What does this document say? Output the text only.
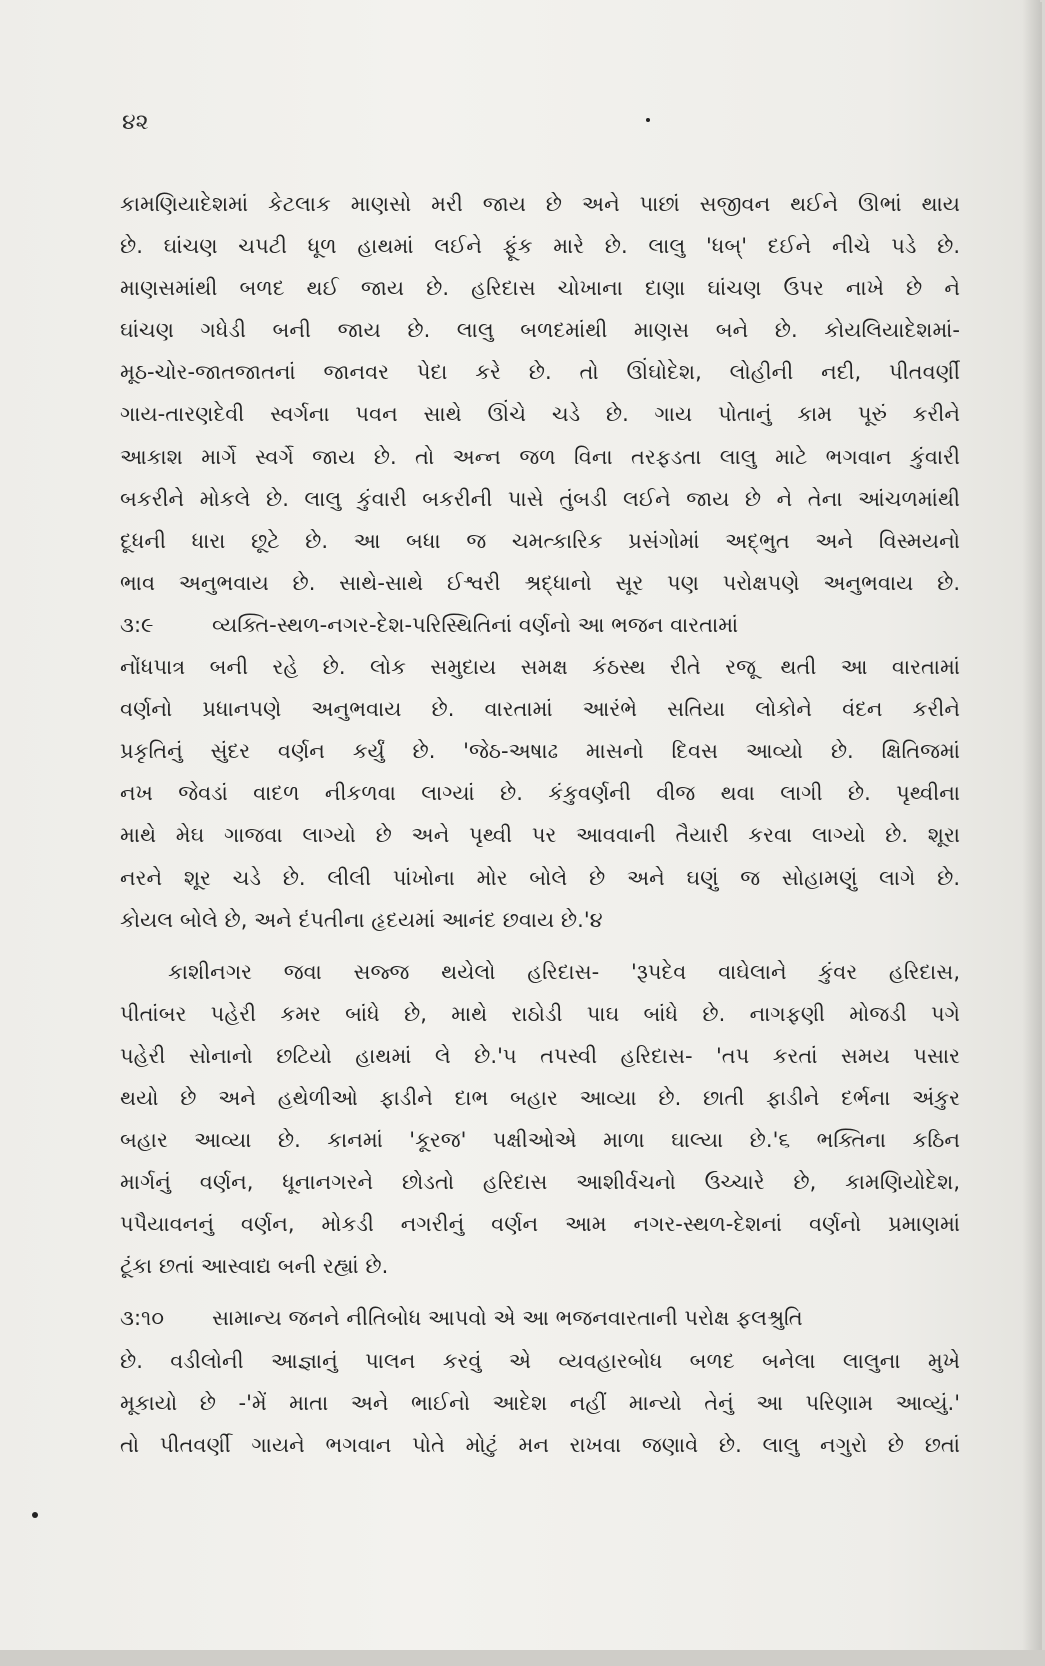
૪૨
કામણિયાદેશમાં કેટલાક માણસો મરી જાય છે અને પાછાં સજીવન થઈને ઊભાં થાય
છે. ઘાંચણ ચપટી ધૂળ હાથમાં લઈને ફૂંક મારે છે. લાલુ 'ધબ્' દઈને નીચે પડે છે.
માણસમાંથી બળદ થઈ જાય છે. હરિદાસ ચોખાના દાણા ઘાંચણ ઉપર નાખે છે ને
ઘાંચણ ગધેડી બની જાય છે. લાલુ બળદમાંથી માણસ બને છે. કોયલિયાદેશમાં-
મૂઠ-ચોર-જાતજાતનાં જાનવર પેદા કરે છે. તો ઊંઘોદેશ, લોહીની નદી, પીતવર્ણી
ગાય-તારણદેવી સ્વર્ગના પવન સાથે ઊંચે ચડે છે. ગાય પોતાનું કામ પૂરું કરીને
આકાશ માર્ગે સ્વર્ગે જાય છે. તો અન્ન જળ વિના તરફડતા લાલુ માટે ભગવાન કુંવારી
બકરીને મોકલે છે. લાલુ કુંવારી બકરીની પાસે તુંબડી લઈને જાય છે ને તેના આંચળમાંથી
દૂધની ધારા છૂટે છે. આ બધા જ ચમત્કારિક પ્રસંગોમાં અદ્ભુત અને વિસ્મયનો
ભાવ અનુભવાય છે. સાથે-સાથે ઈશ્વરી શ્રદ્ધાનો સૂર પણ પરોક્ષપણે અનુભવાય છે.
૩:૯	વ્યક્તિ-સ્થળ-નગર-દેશ-પરિસ્થિતિનાં વર્ણનો આ ભજન વારતામાં
નોંધપાત્ર બની રહે છે. લોક સમુદાય સમક્ષ કંઠસ્થ રીતે રજૂ થતી આ વારતામાં
વર્ણનો પ્રધાનપણે અનુભવાય છે. વારતામાં આરંભે સતિયા લોકોને વંદન કરીને
પ્રકૃતિનું સુંદર વર્ણન કર્યું છે. 'જેઠ-અષાઢ માસનો દિવસ આવ્યો છે. ક્ષિતિજમાં
નખ જેવડાં વાદળ નીકળવા લાગ્યાં છે. કંકુવર્ણની વીજ થવા લાગી છે. પૃથ્વીના
માથે મેઘ ગાજવા લાગ્યો છે અને પૃથ્વી પર આવવાની તૈયારી કરવા લાગ્યો છે. શૂરા
નરને શૂર ચડે છે. લીલી પાંખોના મોર બોલે છે અને ઘણું જ સોહામણું લાગે છે.
કોયલ બોલે છે, અને દંપતીના હૃદયમાં આનંદ છવાય છે.'૪
કાશીનગર જવા સજ્જ થયેલો હરિદાસ- 'રૂપદેવ વાઘેલાને કુંવર હરિદાસ,
પીતાંબર પહેરી કમર બાંધે છે, માથે રાઠોડી પાઘ બાંધે છે. નાગફણી મોજડી પગે
પહેરી સોનાનો છટિયો હાથમાં લે છે.'૫ તપસ્વી હરિદાસ- 'તપ કરતાં સમય પસાર
થયો છે અને હથેળીઓ ફાડીને દાભ બહાર આવ્યા છે. છાતી ફાડીને દર્ભના અંકુર
બહાર આવ્યા છે. કાનમાં 'કૂરજ' પક્ષીઓએ માળા ઘાલ્યા છે.'૬ ભક્તિના કઠિન
માર્ગનું વર્ણન, ધૂનાનગરને છોડતો હરિદાસ આશીર્વચનો ઉચ્ચારે છે, કામણિયોદેશ,
પપૈયાવનનું વર્ણન, મોકડી નગરીનું વર્ણન આમ નગર-સ્થળ-દેશનાં વર્ણનો પ્રમાણમાં
ટૂંકા છતાં આસ્વાદ્ય બની રહ્યાં છે.
૩:૧૦ સામાન્ય જનને નીતિબોધ આપવો એ આ ભજનવારતાની પરોક્ષ ફલશ્રુતિ
છે. વડીલોની આજ્ઞાનું પાલન કરવું એ વ્યવહારબોધ બળદ બનેલા લાલુના મુખે
મૂકાયો છે -'મેં માતા અને ભાઈનો આદેશ નહીં માન્યો તેનું આ પરિણામ આવ્યું.'
તો પીતવર્ણી ગાયને ભગવાન પોતે મોટું મન રાખવા જણાવે છે. લાલુ નગુરો છે છતાં
